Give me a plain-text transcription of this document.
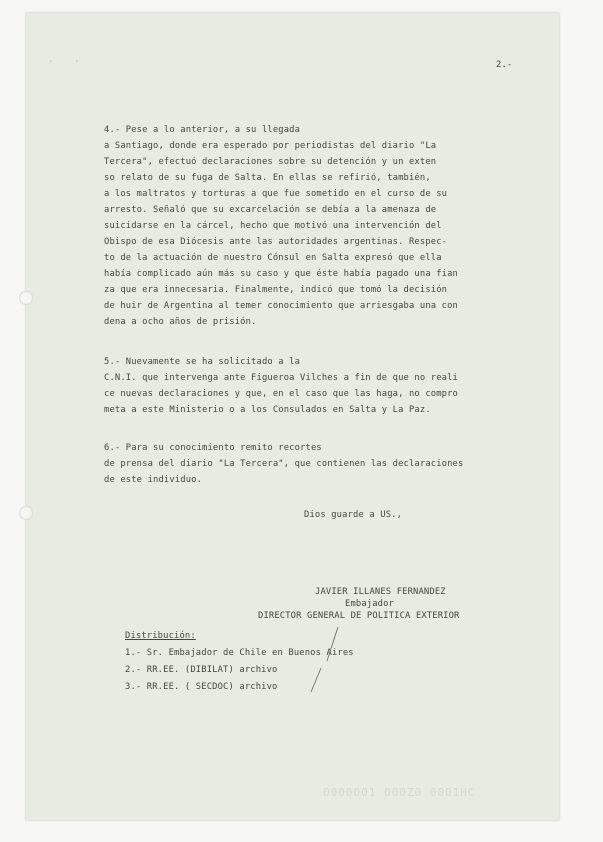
· ·	2.-
4.- Pese a lo anterior, a su llegada
a Santiago, donde era esperado por periodistas del diario "La
Tercera", efectuó declaraciones sobre su detención y un exten
so relato de su fuga de Salta. En ellas se refirió, también,
a los maltratos y torturas a que fue sometido en el curso de su
arresto. Señaló que su excarcelación se debía a la amenaza de
suicidarse en la cárcel, hecho que motivó una intervención del
Obispo de esa Diócesis ante las autoridades argentinas. Respec-
to de la actuación de nuestro Cónsul en Salta expresó que ella
había complicado aún más su caso y que éste había pagado una fian
za que era innecesaria. Finalmente, indicó que tomó la decisión
de huir de Argentina al temer conocimiento que arriesgaba una con
dena a ocho años de prisión.
5.- Nuevamente se ha solicitado a la
C.N.I. que intervenga ante Figueroa Vilches a fin de que no reali
ce nuevas declaraciones y que, en el caso que las haga, no compro
meta a este Ministerio o a los Consulados en Salta y La Paz.
6.- Para su conocimiento remito recortes
de prensa del diario "La Tercera", que contienen las declaraciones
de este individuo.
Dios guarde a US.,
JAVIER ILLANES FERNANDEZ
Embajador
DIRECTOR GENERAL DE POLITICA EXTERIOR
Distribución:
1.- Sr. Embajador de Chile en Buenos Aires
2.- RR.EE. (DIBILAT) archivo
3.- RR.EE. ( SECDOC) archivo
0000001 000Z0 0001HC
